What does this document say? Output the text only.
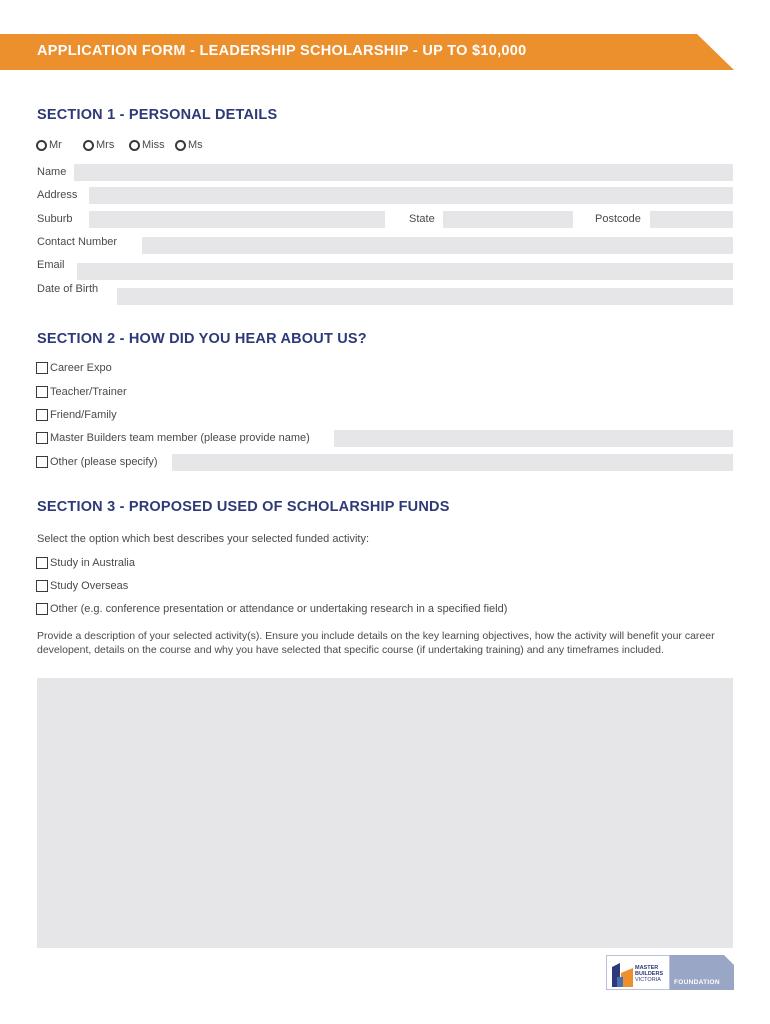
APPLICATION FORM - LEADERSHIP SCHOLARSHIP - UP TO $10,000
SECTION 1 - PERSONAL DETAILS
Mr	Mrs	Miss Ms
Name
Address
Suburb	State	Postcode
Contact Number
Email
Date of Birth
SECTION 2 - HOW DID YOU HEAR ABOUT US?
Career Expo
Teacher/Trainer
Friend/Family
Master Builders team member (please provide name)
Other (please specify)
SECTION 3 - PROPOSED USED OF SCHOLARSHIP FUNDS
Select the option which best describes your selected funded activity:
Study in Australia
Study Overseas
Other (e.g. conference presentation or attendance or undertaking research in a specified field)
Provide a description of your selected activity(s). Ensure you include details on the key learning objectives, how the activity will benefit your career developent, details on the course and why you have selected that specific course (if undertaking training) and any timeframes included.
MASTER
BUILDERS
VICTORIA	FOUNDATION
